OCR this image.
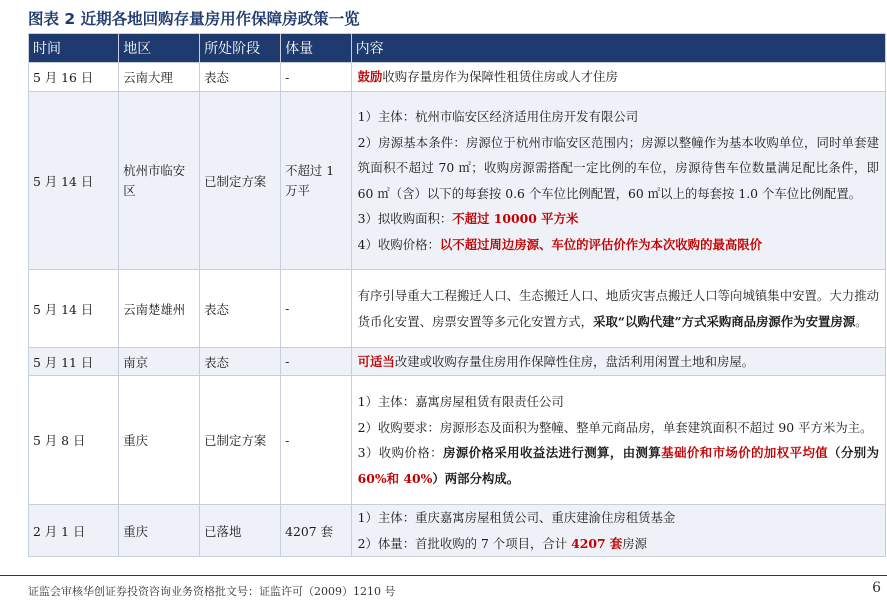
图表 2 近期各地回购存量房用作保障房政策一览
时间	地区	所处阶段	体量	内容
5 月 16 日	云南大理	表态	-	鼓励收购存量房作为保障性租赁住房或人才住房
5 月 14 日	杭州市临安区	已制定方案	不超过 1 万平	1）主体：杭州市临安区经济适用住房开发有限公司
2）房源基本条件：房源位于杭州市临安区范围内；房源以整幢作为基本收购单位，同时单套建筑面积不超过 70 ㎡；收购房源需搭配一定比例的车位，房源待售车位数量满足配比条件，即 60 ㎡（含）以下的每套按 0.6 个车位比例配置，60 ㎡以上的每套按 1.0 个车位比例配置。
3）拟收购面积：不超过 10000 平方米
4）收购价格：以不超过周边房源、车位的评估价作为本次收购的最高限价

5 月 14 日	云南楚雄州	表态	-	有序引导重大工程搬迁人口、生态搬迁人口、地质灾害点搬迁人口等向城镇集中安置。大力推动货币化安置、房票安置等多元化安置方式，采取“以购代建”方式采购商品房源作为安置房源。
5 月 11 日	南京	表态	-	可适当改建或收购存量住房用作保障性住房，盘活利用闲置土地和房屋。
5 月 8 日	重庆	已制定方案	-	1）主体：嘉寓房屋租赁有限责任公司
2）收购要求：房源形态及面积为整幢、整单元商品房，单套建筑面积不超过 90 平方米为主。
3）收购价格：房源价格采用收益法进行测算，由测算基础价和市场价的加权平均值（分别为 60%和 40%）两部分构成。

2 月 1 日	重庆	已落地	4207 套	1）主体：重庆嘉寓房屋租赁公司、重庆建渝住房租赁基金
2）体量：首批收购的 7 个项目，合计 4207 套房源
证监会审核华创证券投资咨询业务资格批文号：证监许可（2009）1210 号	6
